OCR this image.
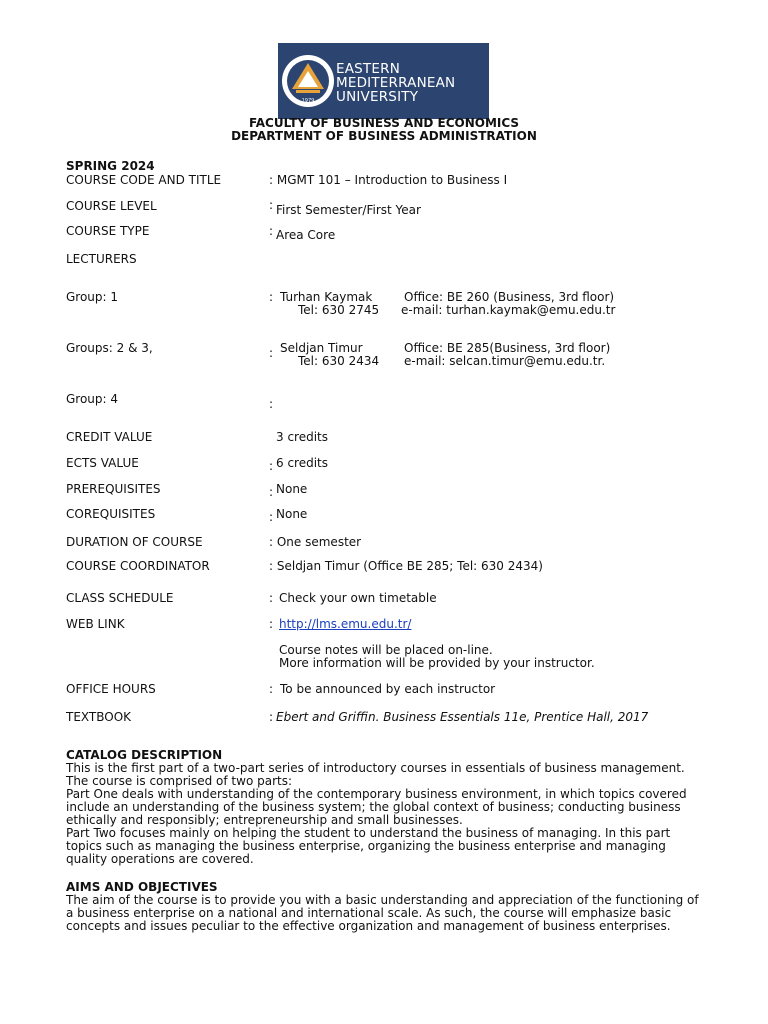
1979
EASTERN
MEDITERRANEAN
UNIVERSITY
FACULTY OF BUSINESS AND ECONOMICS
DEPARTMENT OF BUSINESS ADMINISTRATION
SPRING 2024
COURSE CODE AND TITLE	: MGMT 101 – Introduction to Business I
COURSE LEVEL	: First Semester/First Year
COURSE TYPE	: Area Core
LECTURERS
Group: 1	: Turhan Kaymak	Office: BE 260 (Business, 3rd floor)
Tel: 630 2745 e-mail: turhan.kaymak@emu.edu.tr
Groups: 2 & 3,	: Seldjan Timur	Office: BE 285(Business, 3rd floor)
Tel: 630 2434 e-mail: selcan.timur@emu.edu.tr.
Group: 4	:
CREDIT VALUE	3 credits
ECTS VALUE	: 6 credits
PREREQUISITES	: None
COREQUISITES	: None
DURATION OF COURSE	: One semester
COURSE COORDINATOR	: Seldjan Timur (Office BE 285; Tel: 630 2434)
CLASS SCHEDULE	: Check your own timetable
WEB LINK	: http://lms.emu.edu.tr/
Course notes will be placed on-line.
More information will be provided by your instructor.
OFFICE HOURS	: To be announced by each instructor
TEXTBOOK	: Ebert and Griffin. Business Essentials 11e, Prentice Hall, 2017
CATALOG DESCRIPTION
This is the first part of a two-part series of introductory courses in essentials of business management. The course is comprised of two parts:
Part One deals with understanding of the contemporary business environment, in which topics covered include an understanding of the business system; the global context of business; conducting business ethically and responsibly; entrepreneurship and small businesses.
Part Two focuses mainly on helping the student to understand the business of managing. In this part topics such as managing the business enterprise, organizing the business enterprise and managing quality operations are covered.
AIMS AND OBJECTIVES
The aim of the course is to provide you with a basic understanding and appreciation of the functioning of a business enterprise on a national and international scale. As such, the course will emphasize basic concepts and issues peculiar to the effective organization and management of business enterprises.
